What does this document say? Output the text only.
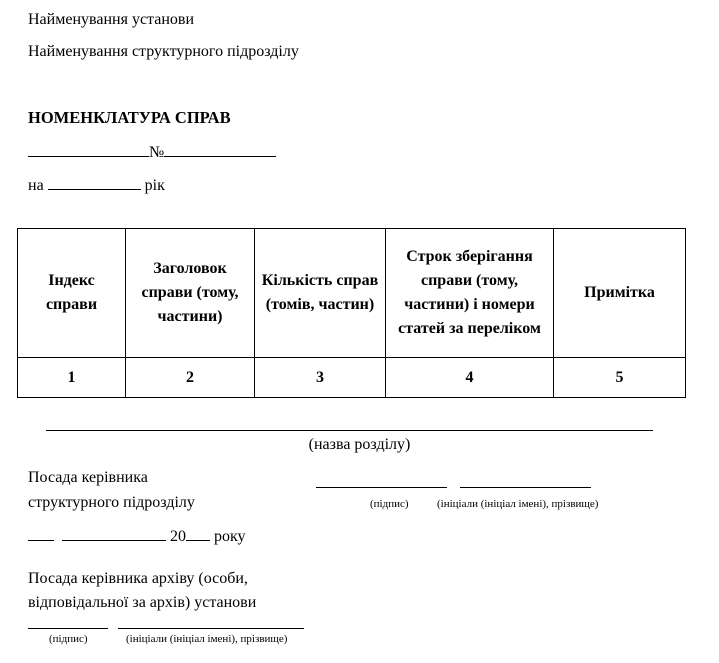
Найменування установи
Найменування структурного підрозділу
НОМЕНКЛАТУРА СПРАВ
№
на	рік
Індекс справи	Заголовок справи (тому, частини)	Кількість справ (томів, частин)	Строк зберігання справи (тому, частини) і номери статей за переліком	Примітка
1	2	3	4	5
(назва розділу)
Посада керівника
структурного підрозділу	(підпис)	(ініціали (ініціал імені), прізвище)
20 року
Посада керівника архіву (особи,
відповідальної за архів) установи
(підпис)	(ініціали (ініціал імені), прізвище)
